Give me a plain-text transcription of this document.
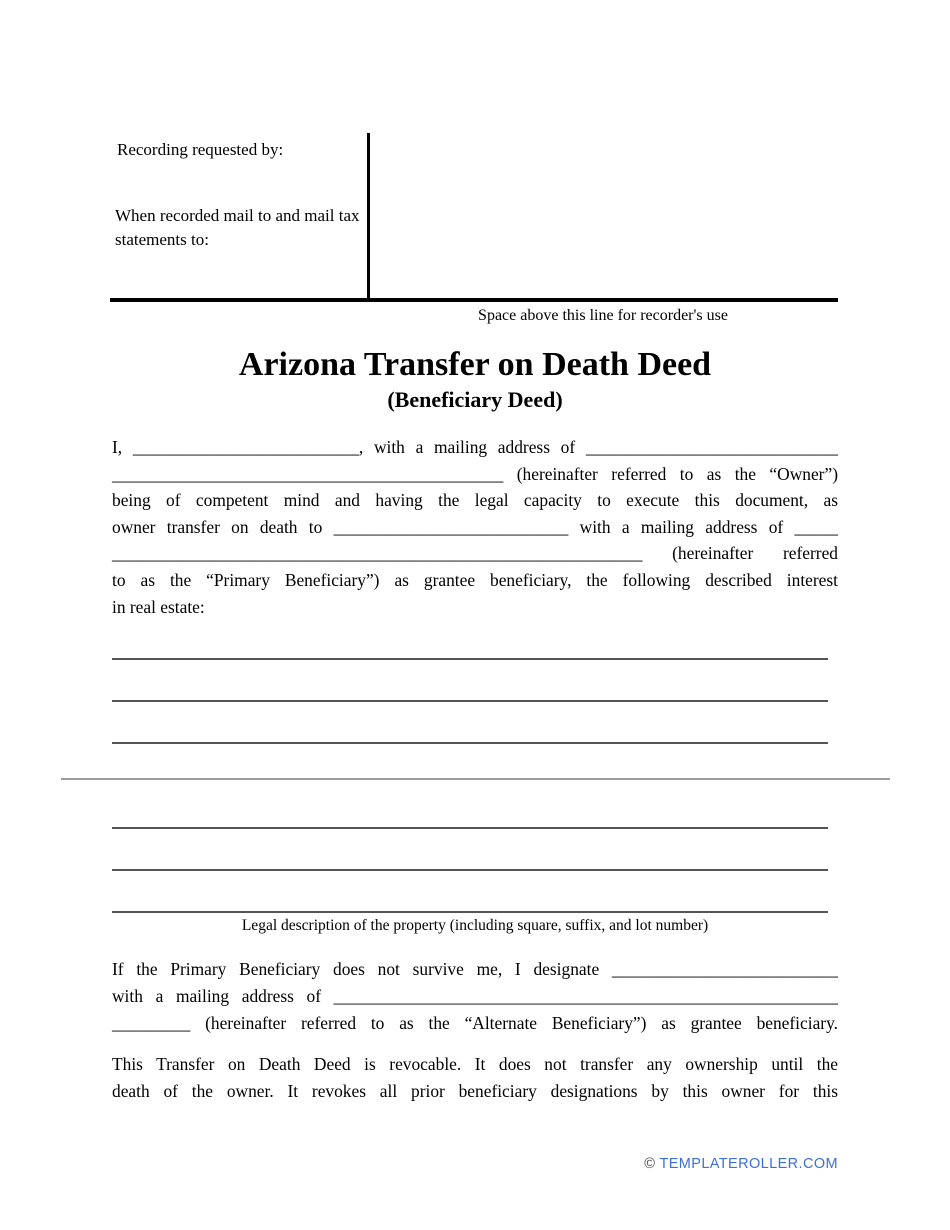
Recording requested by:
When recorded mail to and mail tax
statements to:
Space above this line for recorder's use
Arizona Transfer on Death Deed
(Beneficiary Deed)
I, __________________________, with a mailing address of _____________________________
_____________________________________________ (hereinafter referred to as the “Owner”)
being of competent mind and having the legal capacity to execute this document, as
owner transfer on death to ___________________________ with a mailing address of _____
_____________________________________________________________ (hereinafter referred
to as the “Primary Beneficiary”) as grantee beneficiary, the following described interest
in real estate:
Legal description of the property (including square, suffix, and lot number)
If the Primary Beneficiary does not survive me, I designate __________________________
with a mailing address of __________________________________________________________
_________ (hereinafter referred to as the “Alternate Beneficiary”) as grantee beneficiary.
This Transfer on Death Deed is revocable. It does not transfer any ownership until the
death of the owner. It revokes all prior beneficiary designations by this owner for this
© TEMPLATEROLLER.COM
